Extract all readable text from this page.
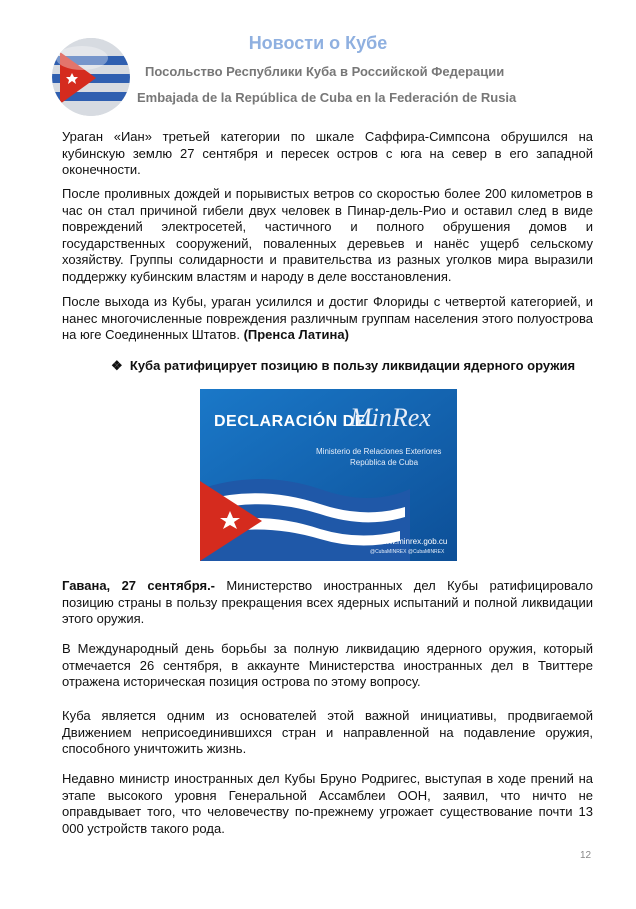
Новости о Кубе
Посольство Республики Куба в Российской Федерации
Embajada de la República de Cuba en la Federación de Rusia
Ураган «Иан» третьей категории по шкале Саффира-Симпсона обрушился на кубинскую землю 27 сентября и пересек остров с юга на север в его западной оконечности.
После проливных дождей и порывистых ветров со скоростью более 200 километров в час он стал причиной гибели двух человек в Пинар-дель-Рио и оставил след в виде повреждений электросетей, частичного и полного обрушения домов и государственных сооружений, поваленных деревьев и нанёс ущерб сельскому хозяйству. Группы солидарности и правительства из разных уголков мира выразили поддержку кубинским властям и народу в деле восстановления.
После выхода из Кубы, ураган усилился и достиг Флориды с четвертой категорией, и нанес многочисленные повреждения различным группам населения этого полуострова на юге Соединенных Штатов. (Пренса Латина)
❖ Куба ратифицирует позицию в пользу ликвидации ядерного оружия
DECLARACIÓN DEL
MinRex
Ministerio de Relaciones Exteriores
República de Cuba
@CubaMINREX @CubaMINREX
www.minrex.gob.cu
Гавана, 27 сентября.- Министерство иностранных дел Кубы ратифицировало позицию страны в пользу прекращения всех ядерных испытаний и полной ликвидации этого оружия.
В Международный день борьбы за полную ликвидацию ядерного оружия, который отмечается 26 сентября, в аккаунте Министерства иностранных дел в Твиттере отражена историческая позиция острова по этому вопросу.
Куба является одним из основателей этой важной инициативы, продвигаемой Движением неприсоединившихся стран и направленной на подавление оружия, способного уничтожить жизнь.
Недавно министр иностранных дел Кубы Бруно Родригес, выступая в ходе прений на этапе высокого уровня Генеральной Ассамблеи ООН, заявил, что ничто не оправдывает того, что человечеству по-прежнему угрожает существование почти 13 000 устройств такого рода.
12
